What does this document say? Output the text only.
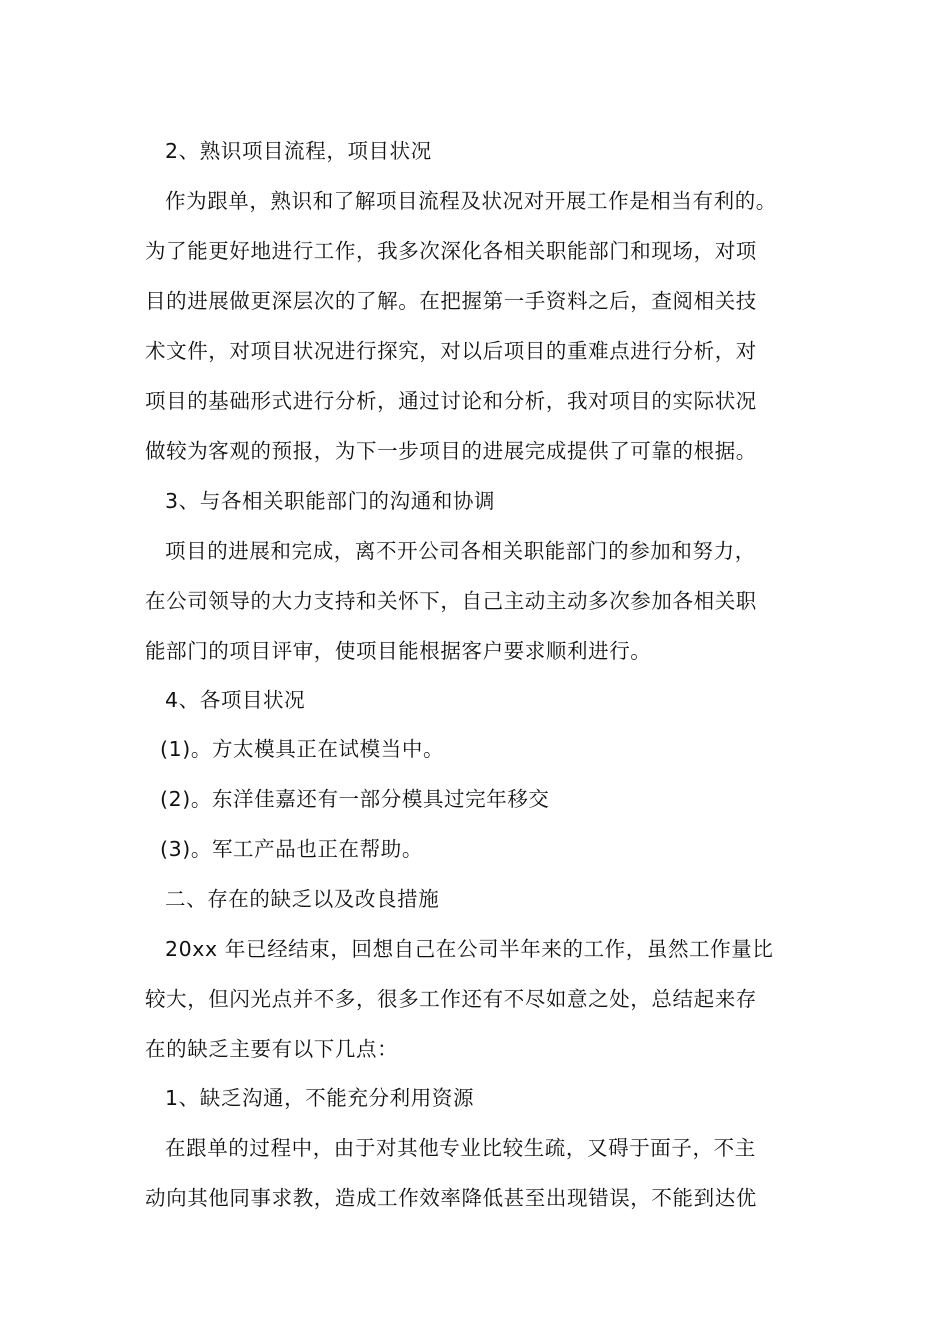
2、熟识项目流程，项目状况
作为跟单，熟识和了解项目流程及状况对开展工作是相当有利的。
为了能更好地进行工作，我多次深化各相关职能部门和现场，对项
目的进展做更深层次的了解。在把握第一手资料之后，查阅相关技
术文件，对项目状况进行探究，对以后项目的重难点进行分析，对
项目的基础形式进行分析，通过讨论和分析，我对项目的实际状况
做较为客观的预报，为下一步项目的进展完成提供了可靠的根据。
3、与各相关职能部门的沟通和协调
项目的进展和完成，离不开公司各相关职能部门的参加和努力，
在公司领导的大力支持和关怀下，自己主动主动多次参加各相关职
能部门的项目评审，使项目能根据客户要求顺利进行。
4、各项目状况
(1)。方太模具正在试模当中。
(2)。东洋佳嘉还有一部分模具过完年移交
(3)。军工产品也正在帮助。
二、存在的缺乏以及改良措施
20xx 年已经结束，回想自己在公司半年来的工作，虽然工作量比
较大，但闪光点并不多，很多工作还有不尽如意之处，总结起来存
在的缺乏主要有以下几点：
1、缺乏沟通，不能充分利用资源
在跟单的过程中，由于对其他专业比较生疏，又碍于面子，不主
动向其他同事求教，造成工作效率降低甚至出现错误，不能到达优
